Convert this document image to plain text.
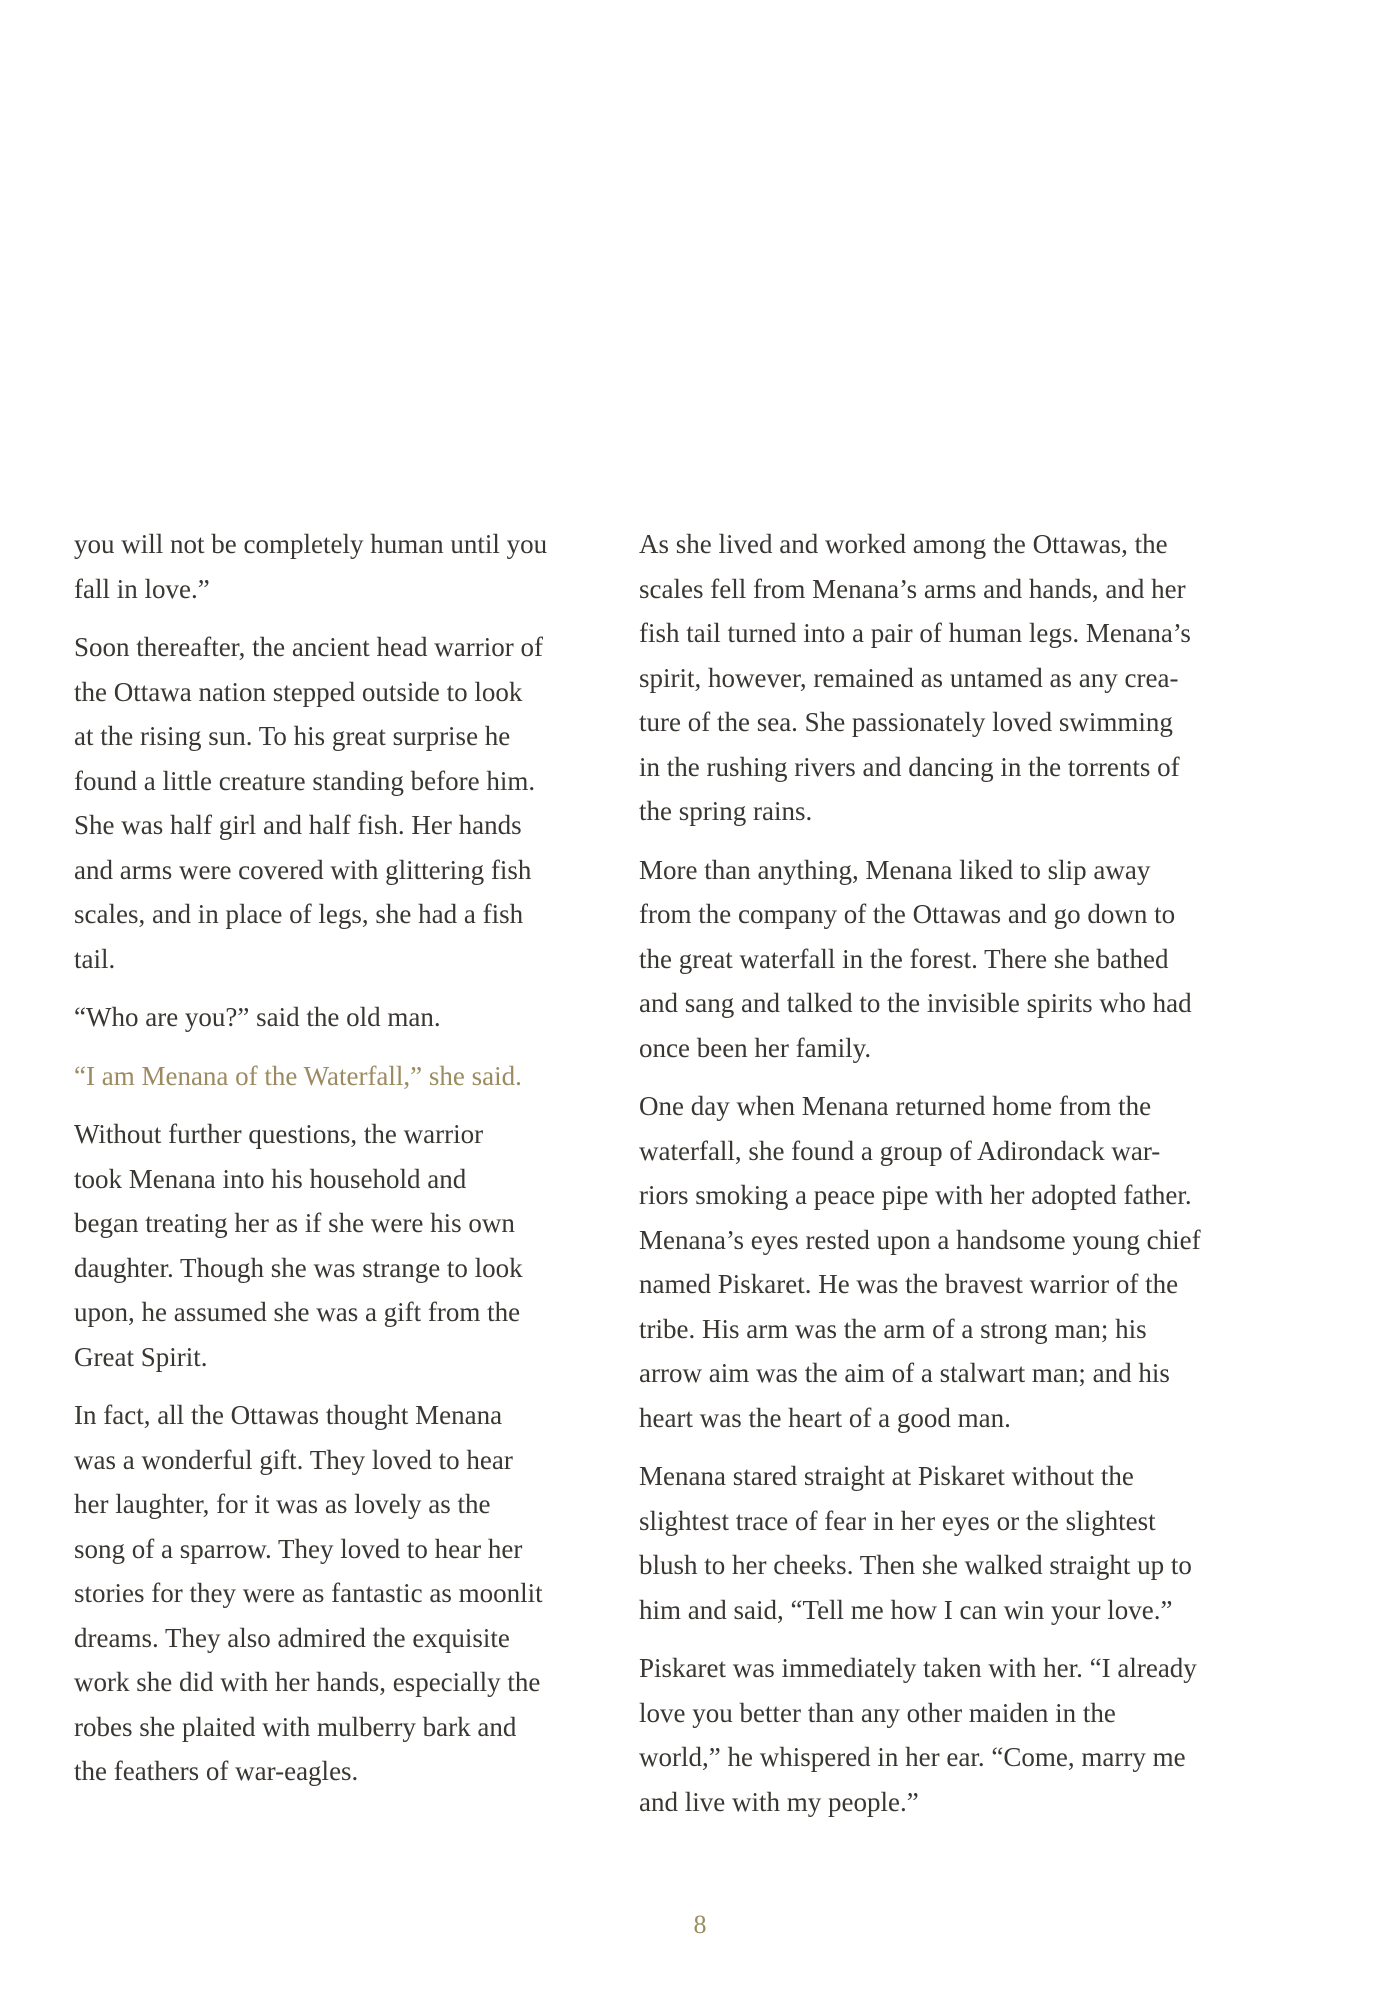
you will not be completely human until you
fall in love.”

Soon thereafter, the ancient head warrior of
the Ottawa nation stepped outside to look
at the rising sun. To his great surprise he
found a little creature standing before him.
She was half girl and half fish. Her hands
and arms were covered with glittering fish
scales, and in place of legs, she had a fish
tail.

“Who are you?” said the old man.

“I am Menana of the Waterfall,” she said.

Without further questions, the warrior
took Menana into his household and
began treating her as if she were his own
daughter. Though she was strange to look
upon, he assumed she was a gift from the
Great Spirit.

In fact, all the Ottawas thought Menana
was a wonderful gift. They loved to hear
her laughter, for it was as lovely as the
song of a sparrow. They loved to hear her
stories for they were as fantastic as moonlit
dreams. They also admired the exquisite
work she did with her hands, especially the
robes she plaited with mulberry bark and
the feathers of war-eagles.

As she lived and worked among the Ottawas, the
scales fell from Menana’s arms and hands, and her
fish tail turned into a pair of human legs. Menana’s
spirit, however, remained as untamed as any crea-
ture of the sea. She passionately loved swimming
in the rushing rivers and dancing in the torrents of
the spring rains.

More than anything, Menana liked to slip away
from the company of the Ottawas and go down to
the great waterfall in the forest. There she bathed
and sang and talked to the invisible spirits who had
once been her family.

One day when Menana returned home from the
waterfall, she found a group of Adirondack war-
riors smoking a peace pipe with her adopted father.
Menana’s eyes rested upon a handsome young chief
named Piskaret. He was the bravest warrior of the
tribe. His arm was the arm of a strong man; his
arrow aim was the aim of a stalwart man; and his
heart was the heart of a good man.

Menana stared straight at Piskaret without the
slightest trace of fear in her eyes or the slightest
blush to her cheeks. Then she walked straight up to
him and said, “Tell me how I can win your love.”

Piskaret was immediately taken with her. “I already
love you better than any other maiden in the
world,” he whispered in her ear. “Come, marry me
and live with my people.”

8
